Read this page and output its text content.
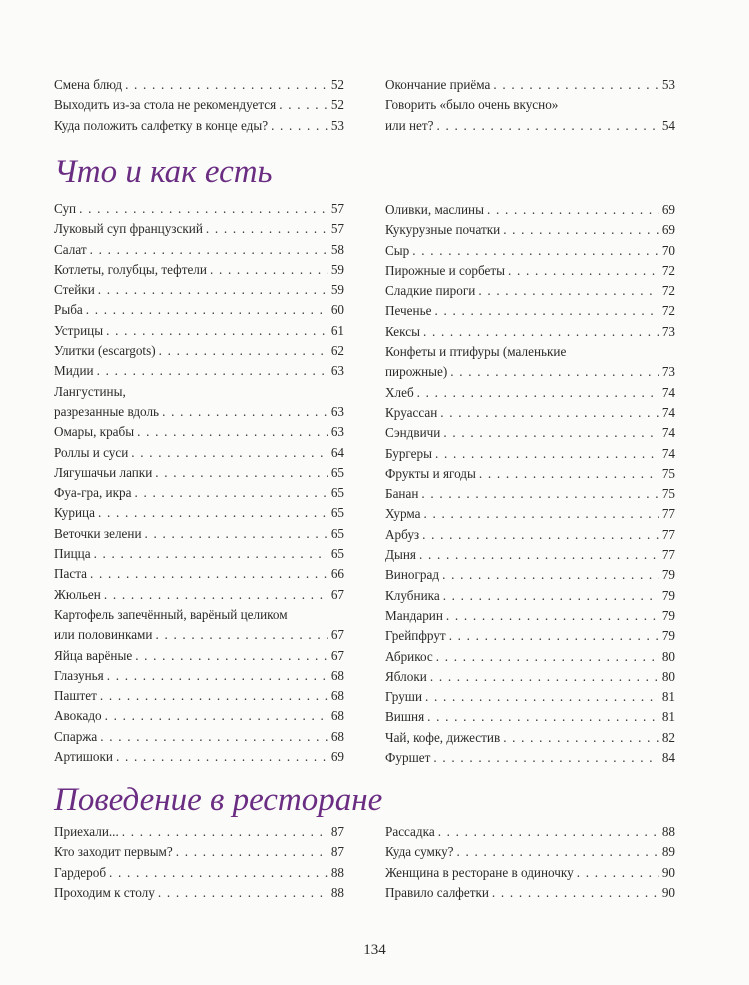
Смена блюд . . .	52
Выходить из-за стола не рекомендуется . . .	52
Куда положить салфетку в конце еды? . . .	53
Окончание приёма . . .	53
Говорить «было очень вкусно»
или нет? . . .	54
Что и как есть
Суп . . .	57
Луковый суп французский . . .	57
Салат . . .	58
Котлеты, голубцы, тефтели . . .	59
Стейки . . .	59
Рыба . . .	60
Устрицы . . .	61
Улитки (escargots) . . .	62
Мидии . . .	63
Лангустины,
разрезанные вдоль . . .	63
Омары, крабы . . .	63
Роллы и суси . . .	64
Лягушачьи лапки . . .	65
Фуа-гра, икра . . .	65
Курица . . .	65
Веточки зелени . . .	65
Пицца . . .	65
Паста . . .	66
Жюльен . . .	67
Картофель запечённый, варёный целиком
или половинками . . .	67
Яйца варёные . . .	67
Глазунья . . .	68
Паштет . . .	68
Авокадо . . .	68
Спаржа . . .	68
Артишоки . . .	69
Оливки, маслины . . .	69
Кукурузные початки . . .	69
Сыр . . .	70
Пирожные и сорбеты . . .	72
Сладкие пироги . . .	72
Печенье . . .	72
Кексы . . .	73
Конфеты и птифуры (маленькие
пирожные) . . .	73
Хлеб . . .	74
Круассан . . .	74
Сэндвичи . . .	74
Бургеры . . .	74
Фрукты и ягоды . . .	75
Банан . . .	75
Хурма . . .	77
Арбуз . . .	77
Дыня . . .	77
Виноград . . .	79
Клубника . . .	79
Мандарин . . .	79
Грейпфрут . . .	79
Абрикос . . .	80
Яблоки . . .	80
Груши . . .	81
Вишня . . .	81
Чай, кофе, дижестив . . .	82
Фуршет . . .	84
Поведение в ресторане
Приехали... . . .	87
Кто заходит первым? . . .	87
Гардероб . . .	88
Проходим к столу . . .	88
Рассадка . . .	88
Куда сумку? . . .	89
Женщина в ресторане в одиночку . . .	90
Правило салфетки . . .	90
134
